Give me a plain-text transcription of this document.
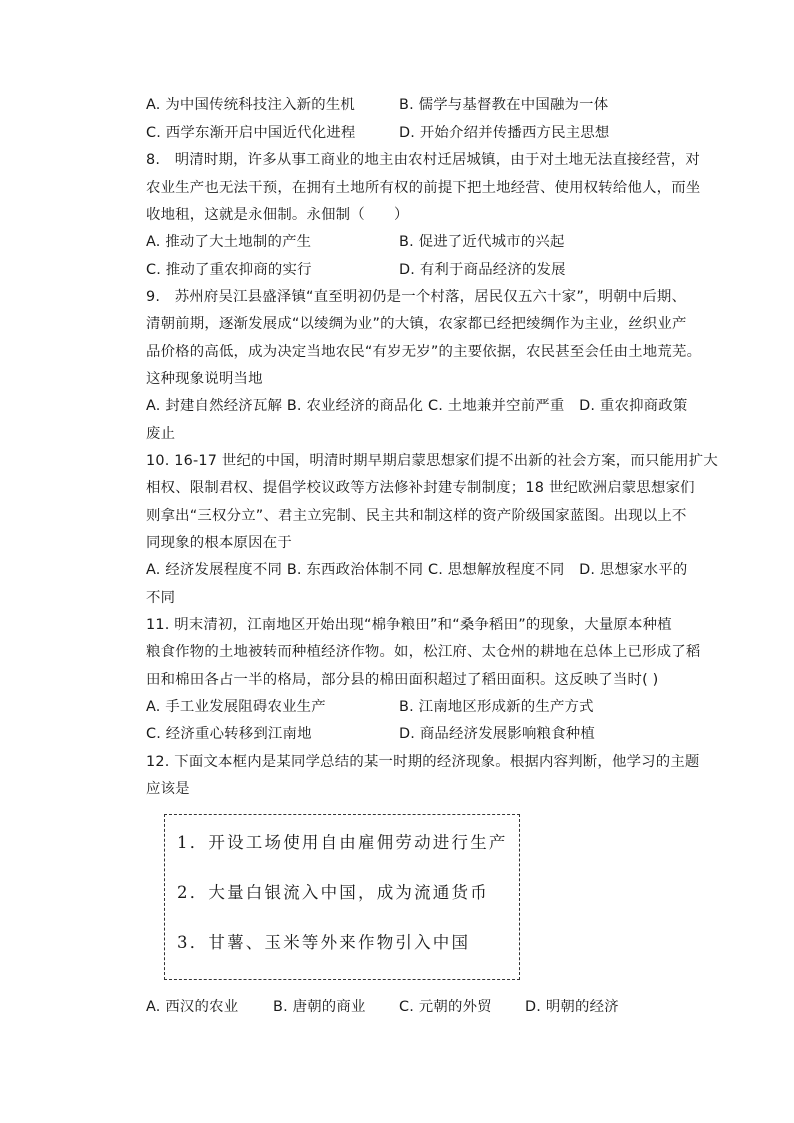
A. 为中国传统科技注入新的生机	B. 儒学与基督教在中国融为一体
C. 西学东渐开启中国近代化进程	D. 开始介绍并传播西方民主思想
8.　明清时期，许多从事工商业的地主由农村迁居城镇，由于对土地无法直接经营，对
农业生产也无法干预，在拥有土地所有权的前提下把土地经营、使用权转给他人，而坐
收地租，这就是永佃制。永佃制（　　）
A. 推动了大土地制的产生	B. 促进了近代城市的兴起
C. 推动了重农抑商的实行	D. 有利于商品经济的发展
9.　苏州府吴江县盛泽镇“直至明初仍是一个村落，居民仅五六十家”，明朝中后期、
清朝前期，逐渐发展成“以绫绸为业”的大镇，农家都已经把绫绸作为主业，丝织业产
品价格的高低，成为决定当地农民“有岁无岁”的主要依据，农民甚至会任由土地荒芜。
这种现象说明当地
A. 封建自然经济瓦解 B. 农业经济的商品化 C. 土地兼并空前严重　D. 重农抑商政策
废止
10. 16-17 世纪的中国，明清时期早期启蒙思想家们提不出新的社会方案，而只能用扩大
相权、限制君权、提倡学校议政等方法修补封建专制制度；18 世纪欧洲启蒙思想家们
则拿出“三权分立”、君主立宪制、民主共和制这样的资产阶级国家蓝图。出现以上不
同现象的根本原因在于
A. 经济发展程度不同 B. 东西政治体制不同 C. 思想解放程度不同　D. 思想家水平的
不同
11. 明末清初，江南地区开始出现“棉争粮田”和“桑争稻田”的现象，大量原本种植
粮食作物的土地被转而种植经济作物。如，松江府、太仓州的耕地在总体上已形成了稻
田和棉田各占一半的格局，部分县的棉田面积超过了稻田面积。这反映了当时( )
A. 手工业发展阻碍农业生产	B. 江南地区形成新的生产方式
C. 经济重心转移到江南地	D. 商品经济发展影响粮食种植
12. 下面文本框内是某同学总结的某一时期的经济现象。根据内容判断，他学习的主题
应该是
1．开设工场使用自由雇佣劳动进行生产
2．大量白银流入中国，成为流通货币
3．甘薯、玉米等外来作物引入中国
A. 西汉的农业 B. 唐朝的商业 C. 元朝的外贸 D. 明朝的经济
